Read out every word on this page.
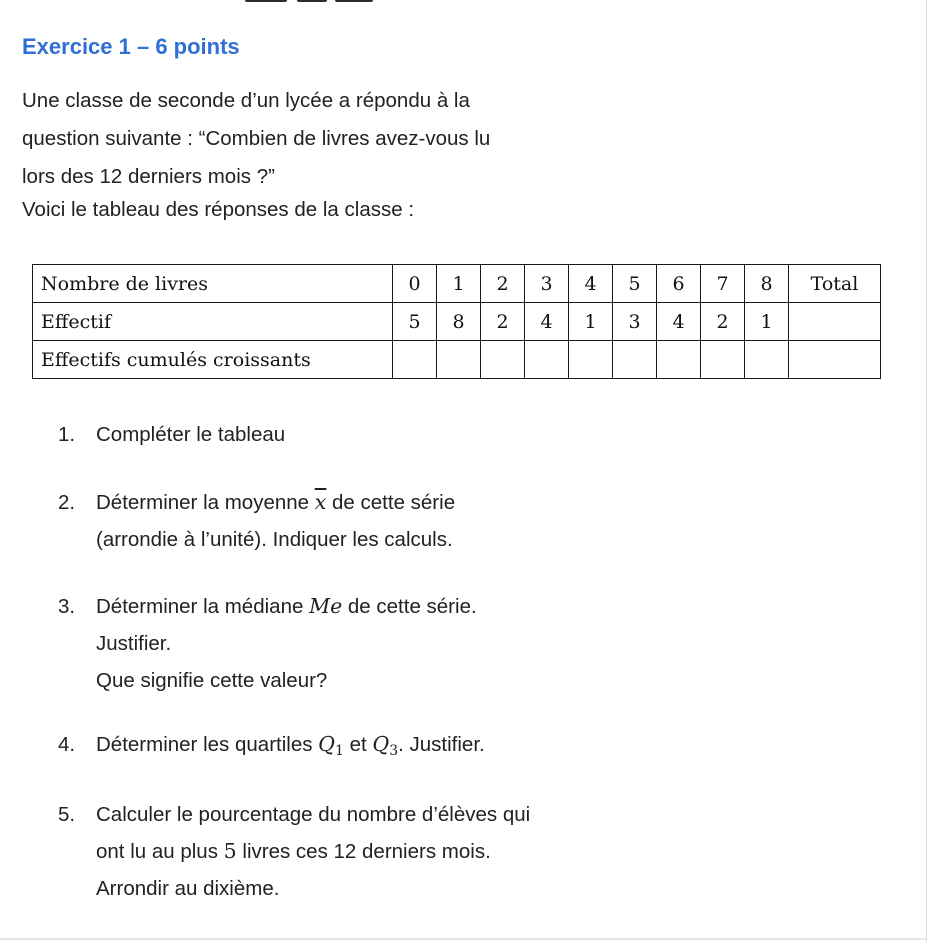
Exercice 1 – 6 points

Une classe de seconde d’un lycée a répondu à la
question suivante : “Combien de livres avez-vous lu
lors des 12 derniers mois ?”

Voici le tableau des réponses de la classe :

Nombre de livres	0	1	2	3	4	5	6	7	8	Total
Effectif	5	8	2	4	1	3	4	2	1	
Effectifs cumulés croissants										
1. Compléter le tableau
2. Déterminer la moyenne $\overline{x}$ de cette série
(arrondie à l’unité). Indiquer les calculs.
3. Déterminer la médiane Me de cette série.
Justifier.
Que signifie cette valeur?
4. Déterminer les quartiles $Q_1$ et $Q_3$. Justifier.
5. Calculer le pourcentage du nombre d’élèves qui
ont lu au plus 5 livres ces 12 derniers mois.
Arrondir au dixième.
